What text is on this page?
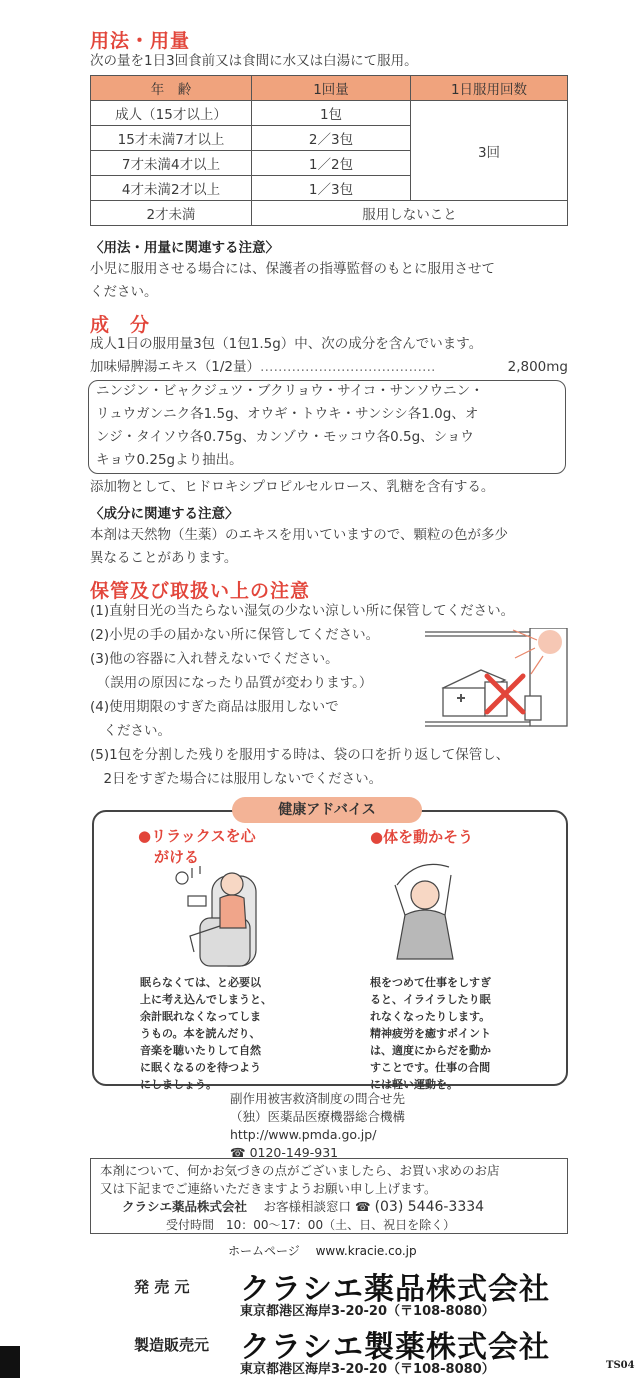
用法・用量
次の量を1日3回食前又は食間に水又は白湯にて服用。
年　齢	1回量	1日服用回数
成人（15才以上）	1包	3回
15才未満7才以上	2／3包	
7才未満4才以上	1／2包	
4才未満2才以上	1／3包	
2才未満	服用しないこと	
〈用法・用量に関連する注意〉
小児に服用させる場合には、保護者の指導監督のもとに服用させて
ください。
成　分
成人1日の服用量3包（1包1.5g）中、次の成分を含んでいます。
加味帰脾湯エキス（1/2量） …………………………………	2,800mg
ニンジン・ビャクジュツ・ブクリョウ・サイコ・サンソウニン・
リュウガンニク各1.5g、オウギ・トウキ・サンシシ各1.0g、オ
ンジ・タイソウ各0.75g、カンゾウ・モッコウ各0.5g、ショウ
キョウ0.25gより抽出。
添加物として、ヒドロキシプロピルセルロース、乳糖を含有する。
〈成分に関連する注意〉
本剤は天然物（生薬）のエキスを用いていますので、顆粒の色が多少
異なることがあります。
保管及び取扱い上の注意
(1)直射日光の当たらない湿気の少ない涼しい所に保管してください。
(2)小児の手の届かない所に保管してください。
(3)他の容器に入れ替えないでください。
　（誤用の原因になったり品質が変わります。）
(4)使用期限のすぎた商品は服用しないで
　ください。
(5)1包を分割した残りを服用する時は、袋の口を折り返して保管し、
　2日をすぎた場合には服用しないでください。
健康アドバイス
●リラックスを心
がける
眠らなくては、と必要以
上に考え込んでしまうと、
余計眠れなくなってしま
うもの。本を読んだり、
音楽を聴いたりして自然
に眠くなるのを待つよう
にしましょう。
●体を動かそう
根をつめて仕事をしすぎ
ると、イライラしたり眠
れなくなったりします。
精神疲労を癒すポイント
は、適度にからだを動か
すことです。仕事の合間
には軽い運動を。
副作用被害救済制度の問合せ先
（独）医薬品医療機器総合機構
http://www.pmda.go.jp/
☎ 0120-149-931
本剤について、何かお気づきの点がございましたら、お買い求めのお店
又は下記までご連絡いただきますようお願い申し上げます。
クラシエ薬品株式会社　 お客様相談窓口 ☎ (03) 5446-3334
受付時間　10：00〜17：00（土、日、祝日を除く）
ホームページ　 www.kracie.co.jp
発 売 元 クラシエ薬品株式会社
東京都港区海岸3-20-20（〒108-8080）
製造販売元 クラシエ製薬株式会社
東京都港区海岸3-20-20（〒108-8080）	TS04
